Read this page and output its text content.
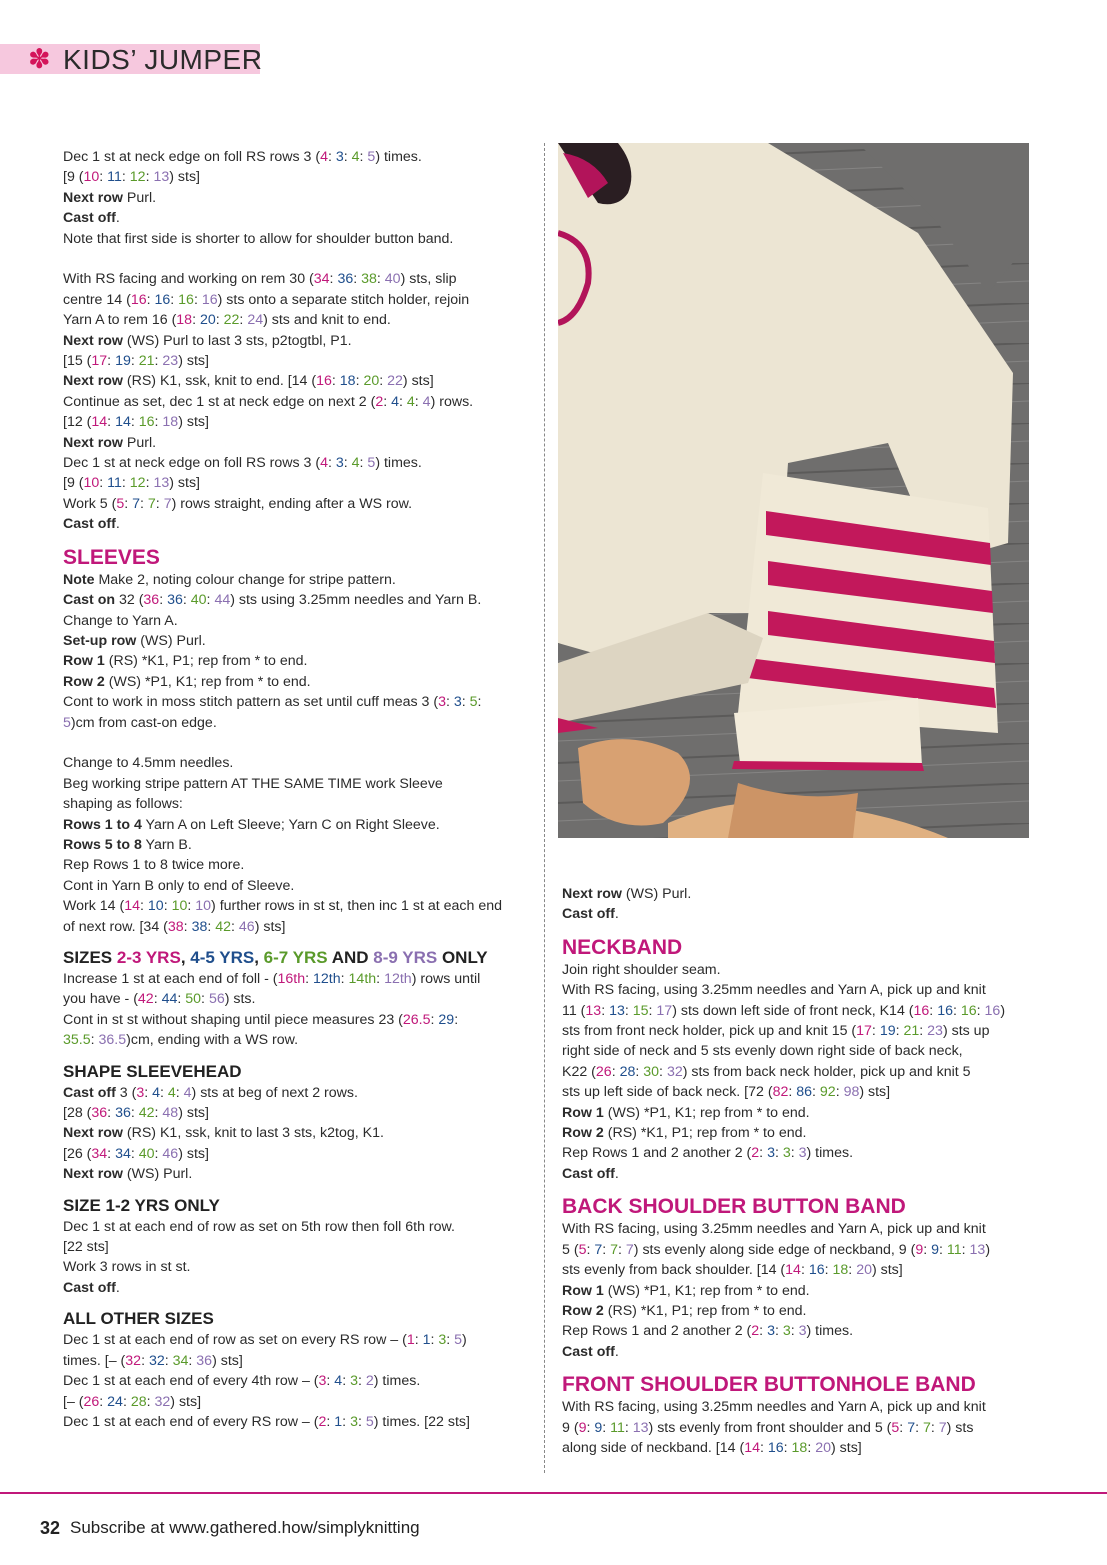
✽ KIDS’ JUMPER

Dec 1 st at neck edge on foll RS rows 3 (4: 3: 4: 5) times.

[9 (10: 11: 12: 13) sts]

Next row Purl.

Cast off.

Note that first side is shorter to allow for shoulder button band.

With RS facing and working on rem 30 (34: 36: 38: 40) sts, slip

centre 14 (16: 16: 16: 16) sts onto a separate stitch holder, rejoin

Yarn A to rem 16 (18: 20: 22: 24) sts and knit to end.

Next row (WS) Purl to last 3 sts, p2togtbl, P1.

[15 (17: 19: 21: 23) sts]

Next row (RS) K1, ssk, knit to end. [14 (16: 18: 20: 22) sts]

Continue as set, dec 1 st at neck edge on next 2 (2: 4: 4: 4) rows.

[12 (14: 14: 16: 18) sts]

Next row Purl.

Dec 1 st at neck edge on foll RS rows 3 (4: 3: 4: 5) times.

[9 (10: 11: 12: 13) sts]

Work 5 (5: 7: 7: 7) rows straight, ending after a WS row.

Cast off.

SLEEVES

Note Make 2, noting colour change for stripe pattern.

Cast on 32 (36: 36: 40: 44) sts using 3.25mm needles and Yarn B.

Change to Yarn A.

Set-up row (WS) Purl.

Row 1 (RS) *K1, P1; rep from * to end.

Row 2 (WS) *P1, K1; rep from * to end.

Cont to work in moss stitch pattern as set until cuff meas 3 (3: 3: 5:

5)cm from cast-on edge.

Change to 4.5mm needles.

Beg working stripe pattern AT THE SAME TIME work Sleeve

shaping as follows:

Rows 1 to 4 Yarn A on Left Sleeve; Yarn C on Right Sleeve.

Rows 5 to 8 Yarn B.

Rep Rows 1 to 8 twice more.

Cont in Yarn B only to end of Sleeve.

Work 14 (14: 10: 10: 10) further rows in st st, then inc 1 st at each end

of next row. [34 (38: 38: 42: 46) sts]

SIZES 2-3 YRS, 4-5 YRS, 6-7 YRS AND 8-9 YRS ONLY

Increase 1 st at each end of foll - (16th: 12th: 14th: 12th) rows until

you have - (42: 44: 50: 56) sts.

Cont in st st without shaping until piece measures 23 (26.5: 29:

35.5: 36.5)cm, ending with a WS row.

SHAPE SLEEVEHEAD

Cast off 3 (3: 4: 4: 4) sts at beg of next 2 rows.

[28 (36: 36: 42: 48) sts]

Next row (RS) K1, ssk, knit to last 3 sts, k2tog, K1.

[26 (34: 34: 40: 46) sts]

Next row (WS) Purl.

SIZE 1-2 YRS ONLY

Dec 1 st at each end of row as set on 5th row then foll 6th row.

[22 sts]

Work 3 rows in st st.

Cast off.

ALL OTHER SIZES

Dec 1 st at each end of row as set on every RS row – (1: 1: 3: 5)

times. [– (32: 32: 34: 36) sts]

Dec 1 st at each end of every 4th row – (3: 4: 3: 2) times.

[– (26: 24: 28: 32) sts]

Dec 1 st at each end of every RS row – (2: 1: 3: 5) times. [22 sts]

Next row (WS) Purl.

Cast off.

NECKBAND

Join right shoulder seam.

With RS facing, using 3.25mm needles and Yarn A, pick up and knit

11 (13: 13: 15: 17) sts down left side of front neck, K14 (16: 16: 16: 16)

sts from front neck holder, pick up and knit 15 (17: 19: 21: 23) sts up

right side of neck and 5 sts evenly down right side of back neck,

K22 (26: 28: 30: 32) sts from back neck holder, pick up and knit 5

sts up left side of back neck. [72 (82: 86: 92: 98) sts]

Row 1 (WS) *P1, K1; rep from * to end.

Row 2 (RS) *K1, P1; rep from * to end.

Rep Rows 1 and 2 another 2 (2: 3: 3: 3) times.

Cast off.

BACK SHOULDER BUTTON BAND

With RS facing, using 3.25mm needles and Yarn A, pick up and knit

5 (5: 7: 7: 7) sts evenly along side edge of neckband, 9 (9: 9: 11: 13)

sts evenly from back shoulder. [14 (14: 16: 18: 20) sts]

Row 1 (WS) *P1, K1; rep from * to end.

Row 2 (RS) *K1, P1; rep from * to end.

Rep Rows 1 and 2 another 2 (2: 3: 3: 3) times.

Cast off.

FRONT SHOULDER BUTTONHOLE BAND

With RS facing, using 3.25mm needles and Yarn A, pick up and knit

9 (9: 9: 11: 13) sts evenly from front shoulder and 5 (5: 7: 7: 7) sts

along side of neckband. [14 (14: 16: 18: 20) sts]

32 Subscribe at www.gathered.how/simplyknitting
